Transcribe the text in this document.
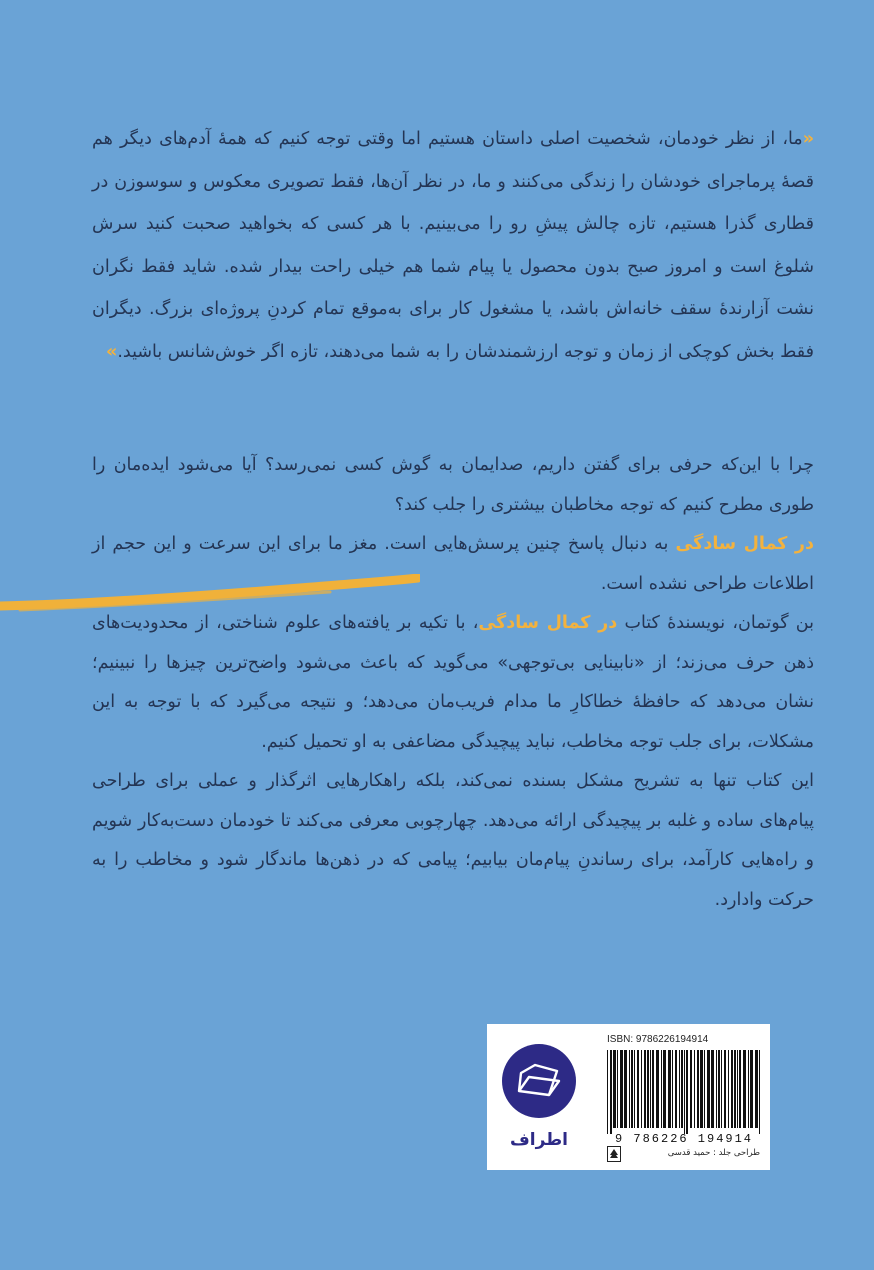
«ما، از نظر خودمان، شخصیت اصلی داستان هستیم اما وقتی توجه کنیم که همهٔ آدم‌های دیگر هم قصهٔ پرماجرای خودشان را زندگی می‌کنند و ما، در نظر آن‌ها، فقط تصویری معکوس و سوسوزن در قطاری گذرا هستیم، تازه چالش پیشِ رو را می‌بینیم. با هر کسی که بخواهید صحبت کنید سرش شلوغ است و امروز صبح بدون محصول یا پیام شما هم خیلی راحت بیدار شده. شاید فقط نگران نشت آزارندهٔ سقف خانه‌اش باشد، یا مشغول کار برای به‌موقع تمام کردنِ پروژه‌ای بزرگ. دیگران فقط بخش کوچکی از زمان و توجه ارزشمندشان را به شما می‌دهند، تازه اگر خوش‌شانس باشید.»

چرا با این‌که حرفی برای گفتن داریم، صدایمان به گوش کسی نمی‌رسد؟ آیا می‌شود ایده‌مان را طوری مطرح کنیم که توجه مخاطبان بیشتری را جلب کند؟

در کمال سادگی به دنبال پاسخ چنین پرسش‌هایی است. مغز ما برای این سرعت و این حجم از اطلاعات طراحی نشده است.

بن گوتمان، نویسندهٔ کتاب در کمال سادگی، با تکیه بر یافته‌های علوم شناختی، از محدودیت‌های ذهن حرف می‌زند؛ از «نابینایی بی‌توجهی» می‌گوید که باعث می‌شود واضح‌ترین چیزها را نبینیم؛ نشان می‌دهد که حافظهٔ خطاکارِ ما مدام فریب‌مان می‌دهد؛ و نتیجه می‌گیرد که با توجه به این مشکلات، برای جلب توجه مخاطب، نباید پیچیدگی مضاعفی به او تحمیل کنیم.

این کتاب تنها به تشریح مشکل بسنده نمی‌کند، بلکه راهکارهایی اثرگذار و عملی برای طراحی پیام‌های ساده و غلبه بر پیچیدگی ارائه می‌دهد. چهارچوبی معرفی می‌کند تا خودمان دست‌به‌کار شویم و راه‌هایی کارآمد، برای رساندنِ پیام‌مان بیابیم؛ پیامی که در ذهن‌ها ماندگار شود و مخاطب را به حرکت وادارد.

اطراف
ISBN: 9786226194914
9 786226 194914
طراحی جلد : حمید قدسی
